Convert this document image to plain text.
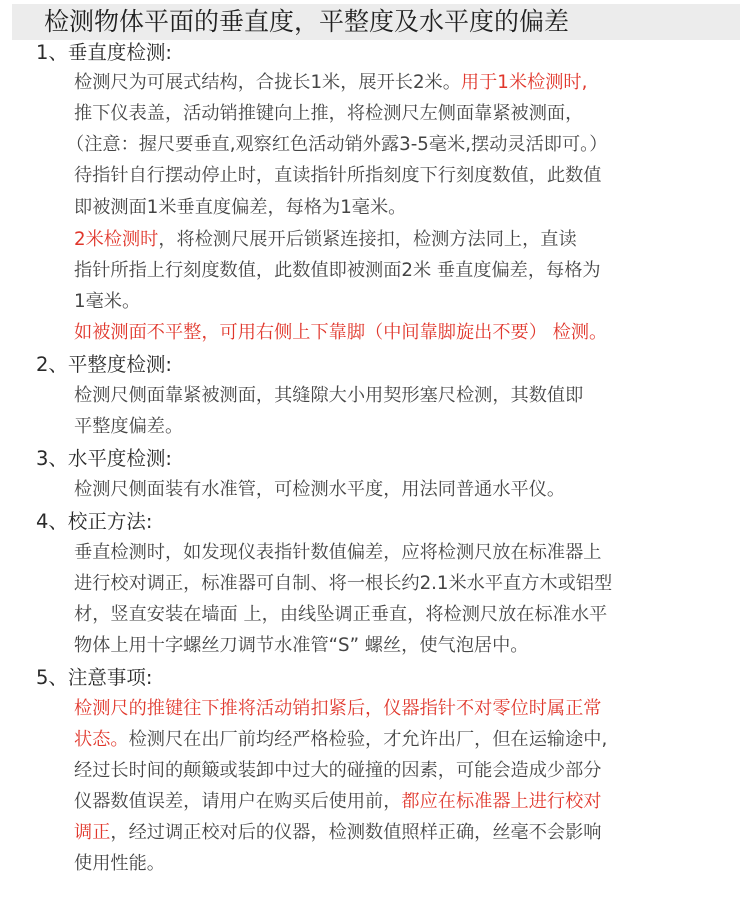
检测物体平面的垂直度，平整度及水平度的偏差
1、垂直度检测:
检测尺为可展式结构，合拢长1米，展开长2米。用于1米检测时,
推下仪表盖，活动销推键向上推，将检测尺左侧面靠紧被测面，
（注意：握尺要垂直,观察红色活动销外露3-5毫米,摆动灵活即可。）
待指针自行摆动停止时，直读指针所指刻度下行刻度数值，此数值
即被测面1米垂直度偏差，每格为1毫米。
2米检测时，将检测尺展开后锁紧连接扣，检测方法同上，直读
指针所指上行刻度数值，此数值即被测面2米 垂直度偏差，每格为
1毫米。
如被测面不平整，可用右侧上下靠脚（中间靠脚旋出不要） 检测。
2、平整度检测:
检测尺侧面靠紧被测面，其缝隙大小用契形塞尺检测，其数值即
平整度偏差。
3、水平度检测:
检测尺侧面装有水准管，可检测水平度，用法同普通水平仪。
4、校正方法:
垂直检测时，如发现仪表指针数值偏差，应将检测尺放在标准器上
进行校对调正，标准器可自制、将一根长约2.1米水平直方木或铝型
材，竖直安装在墙面 上，由线坠调正垂直，将检测尺放在标准水平
物体上用十字螺丝刀调节水准管“S” 螺丝，使气泡居中。
5、注意事项:
检测尺的推键往下推将活动销扣紧后，仪器指针不对零位时属正常
状态。检测尺在出厂前均经严格检验，才允许出厂，但在运输途中,
经过长时间的颠簸或装卸中过大的碰撞的因素，可能会造成少部分
仪器数值误差，请用户在购买后使用前，都应在标准器上进行校对
调正，经过调正校对后的仪器，检测数值照样正确，丝毫不会影响
使用性能。
